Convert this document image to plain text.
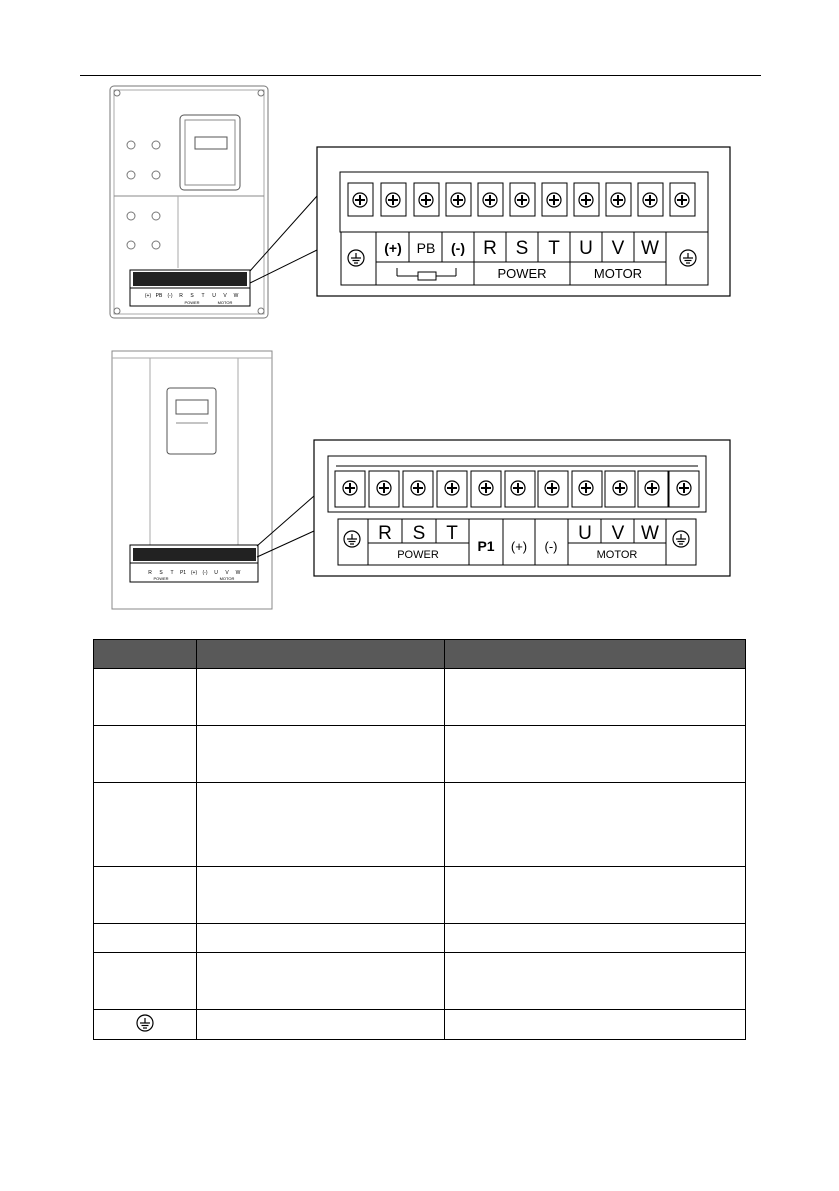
(+) PB (-) R S T U V W
POWER	MOTOR
(+) PB (-) R S T U V W
POWER	MOTOR
R S T P1 (+) (-) U V W
POWER	MOTOR
R S T
P1 (+) (-)
U V W
POWER	MOTOR
